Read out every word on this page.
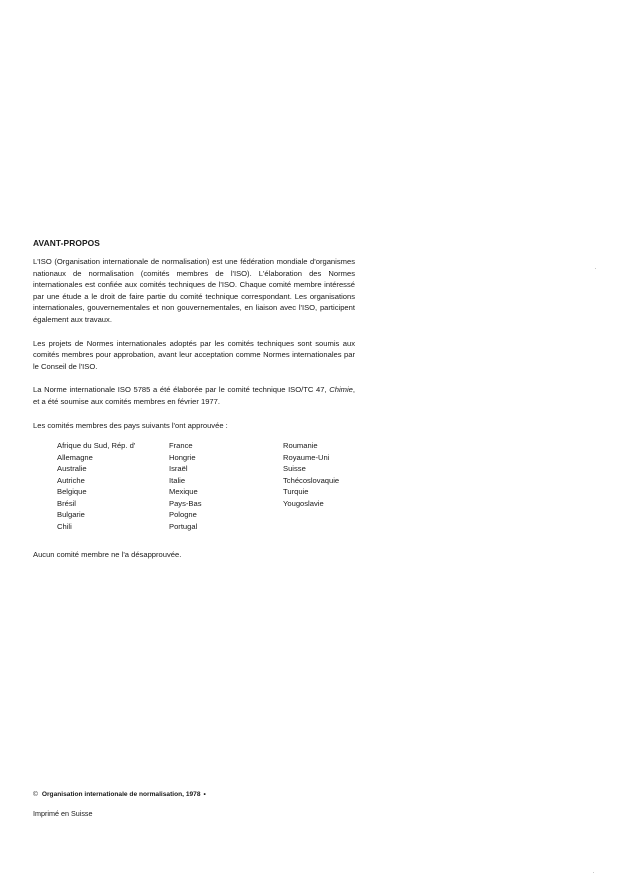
AVANT-PROPOS

L'ISO (Organisation internationale de normalisation) est une fédération mondiale d'organismes nationaux de normalisation (comités membres de l'ISO). L'élaboration des Normes internationales est confiée aux comités techniques de l'ISO. Chaque comité membre intéressé par une étude a le droit de faire partie du comité technique correspondant. Les organisations internationales, gouvernementales et non gouvernementales, en liaison avec l'ISO, participent également aux travaux.

Les projets de Normes internationales adoptés par les comités techniques sont soumis aux comités membres pour approbation, avant leur acceptation comme Normes internationales par le Conseil de l'ISO.

La Norme internationale ISO 5785 a été élaborée par le comité technique ISO/TC 47, Chimie, et a été soumise aux comités membres en février 1977.

Les comités membres des pays suivants l'ont approuvée :

Afrique du Sud, Rép. d'
Allemagne
Australie
Autriche
Belgique
Brésil
Bulgarie
Chili
France
Hongrie
Israël
Italie
Mexique
Pays-Bas
Pologne
Portugal
Roumanie
Royaume-Uni
Suisse
Tchécoslovaquie
Turquie
Yougoslavie

Aucun comité membre ne l'a désapprouvée.

© Organisation internationale de normalisation, 1978 •
Imprimé en Suisse
